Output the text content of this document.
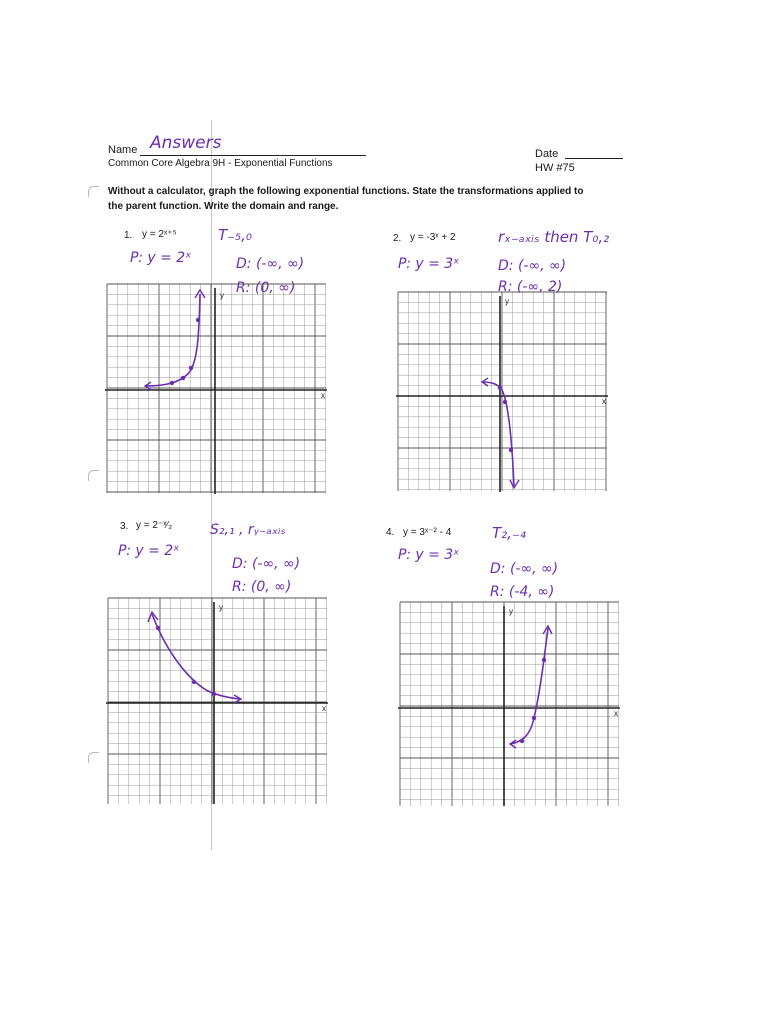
Name Answers
Common Core Algebra 9H - Exponential Functions
Date
HW #75
Without a calculator, graph the following exponential functions. State the transformations applied to
the parent function. Write the domain and range.
1. y = 2ˣ⁺⁵	T₋₅,₀
P: y = 2ˣ	D: (-∞, ∞)
R: (0, ∞)
2. y = -3ˣ + 2	rₓ₋ₐₓᵢₛ then T₀,₂
P: y = 3ˣ	D: (-∞, ∞)
R: (-∞, 2)
3. y = 2⁻ˣ⁄₂	S₂,₁ , rᵧ₋ₐₓᵢₛ
P: y = 2ˣ
D: (-∞, ∞)
R: (0, ∞)
4. y = 3ˣ⁻² - 4	T₂,₋₄
P: y = 3ˣ
D: (-∞, ∞)
R: (-4, ∞)
x
y
x
y
x
y
x
y
